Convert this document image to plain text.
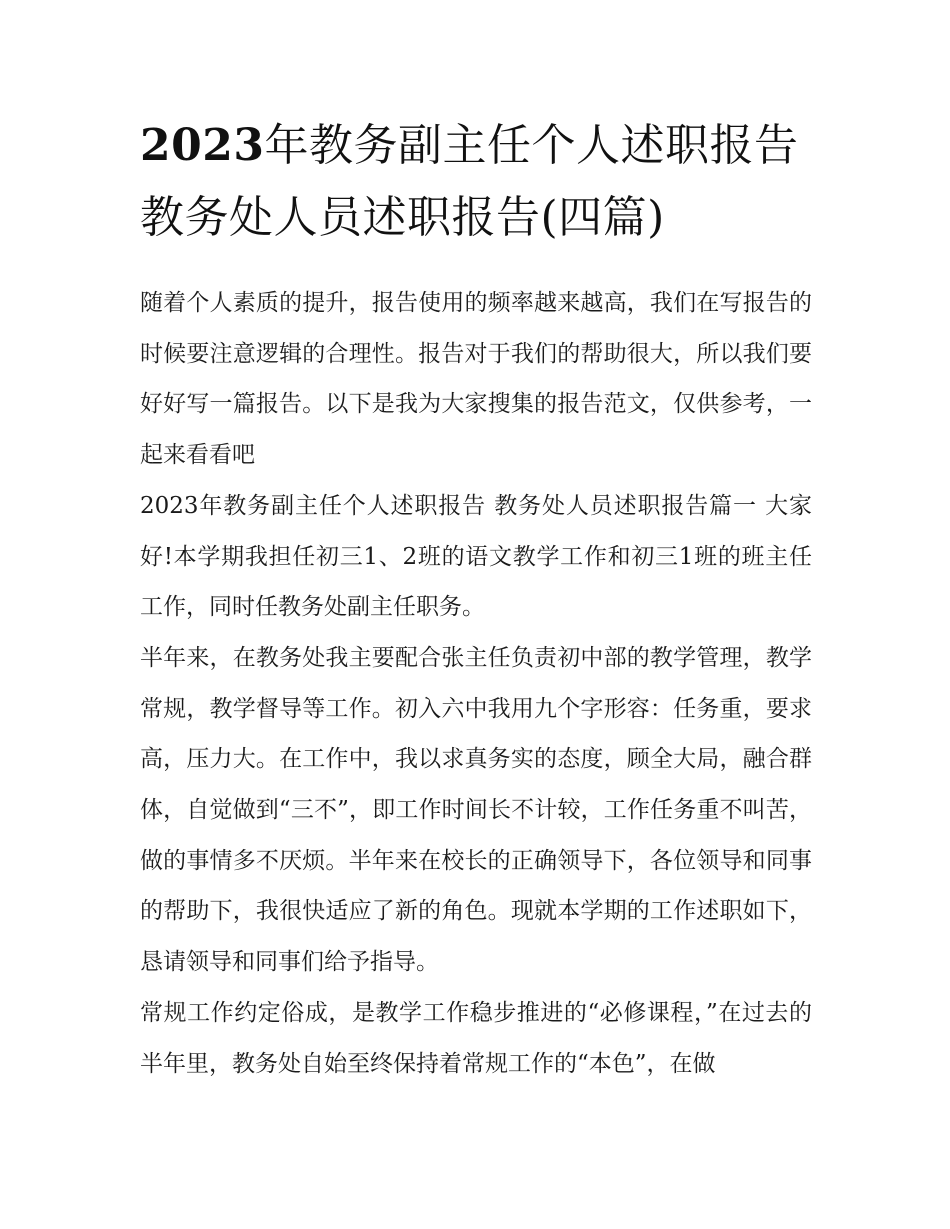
2023年教务副主任个人述职报告 教务处人员述职报告(四篇)

随着个人素质的提升，报告使用的频率越来越高，我们在写报告的时候要注意逻辑的合理性。报告对于我们的帮助很大，所以我们要好好写一篇报告。以下是我为大家搜集的报告范文，仅供参考，一起来看看吧

2023年教务副主任个人述职报告 教务处人员述职报告篇一 大家好!本学期我担任初三1、2班的语文教学工作和初三1班的班主任工作，同时任教务处副主任职务。

半年来，在教务处我主要配合张主任负责初中部的教学管理，教学常规，教学督导等工作。初入六中我用九个字形容：任务重，要求高，压力大。在工作中，我以求真务实的态度，顾全大局，融合群体，自觉做到“三不”，即工作时间长不计较，工作任务重不叫苦，做的事情多不厌烦。半年来在校长的正确领导下，各位领导和同事的帮助下，我很快适应了新的角色。现就本学期的工作述职如下，恳请领导和同事们给予指导。

常规工作约定俗成，是教学工作稳步推进的“必修课程，”在过去的半年里，教务处自始至终保持着常规工作的“本色”，在做
